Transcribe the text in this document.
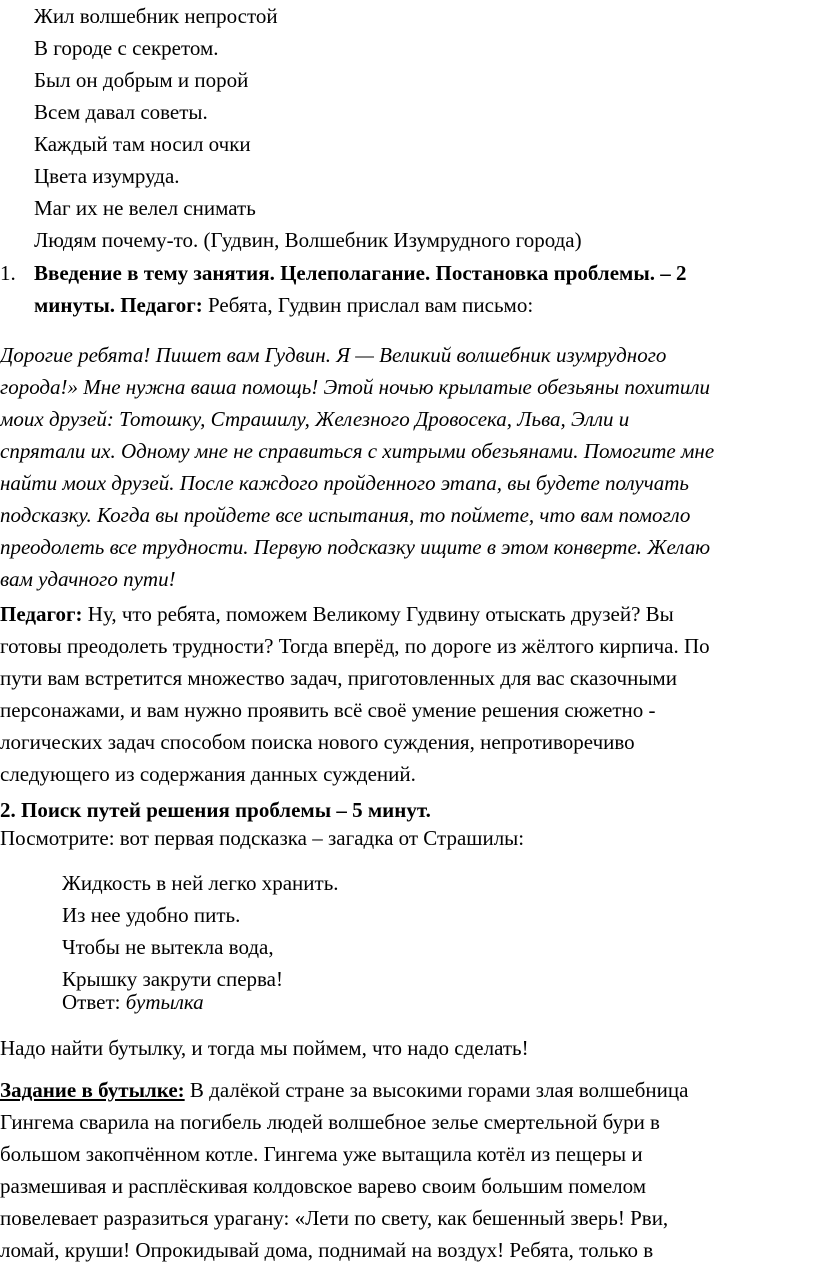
Жил волшебник непростой
В городе с секретом.
Был он добрым и порой
Всем давал советы.
Каждый там носил очки
Цвета изумруда.
Маг их не велел снимать
Людям почему-то. (Гудвин, Волшебник Изумрудного города)
1. Введение в тему занятия. Целеполагание. Постановка проблемы. – 2
минуты. Педагог: Ребята, Гудвин прислал вам письмо:
Дорогие ребята! Пишет вам Гудвин. Я — Великий волшебник изумрудного
города!» Мне нужна ваша помощь! Этой ночью крылатые обезьяны похитили
моих друзей: Тотошку, Страшилу, Железного Дровосека, Льва, Элли и
спрятали их. Одному мне не справиться с хитрыми обезьянами. Помогите мне
найти моих друзей. После каждого пройденного этапа, вы будете получать
подсказку. Когда вы пройдете все испытания, то поймете, что вам помогло
преодолеть все трудности. Первую подсказку ищите в этом конверте. Желаю
вам удачного пути!
Педагог: Ну, что ребята, поможем Великому Гудвину отыскать друзей? Вы
готовы преодолеть трудности? Тогда вперёд, по дороге из жёлтого кирпича. По
пути вам встретится множество задач, приготовленных для вас сказочными
персонажами, и вам нужно проявить всё своё умение решения сюжетно -
логических задач способом поиска нового суждения, непротиворечиво
следующего из содержания данных суждений.
2. Поиск путей решения проблемы – 5 минут.
Посмотрите: вот первая подсказка – загадка от Страшилы:
Жидкость в ней легко хранить.
Из нее удобно пить.
Чтобы не вытекла вода,
Крышку закрути сперва!
Ответ: бутылка
Надо найти бутылку, и тогда мы поймем, что надо сделать!
Задание в бутылке: В далёкой стране за высокими горами злая волшебница
Гингема сварила на погибель людей волшебное зелье смертельной бури в
большом закопчённом котле. Гингема уже вытащила котёл из пещеры и
размешивая и расплёскивая колдовское варево своим большим помелом
повелевает разразиться урагану: «Лети по свету, как бешенный зверь! Рви,
ломай, круши! Опрокидывай дома, поднимай на воздух! Ребята, только в
